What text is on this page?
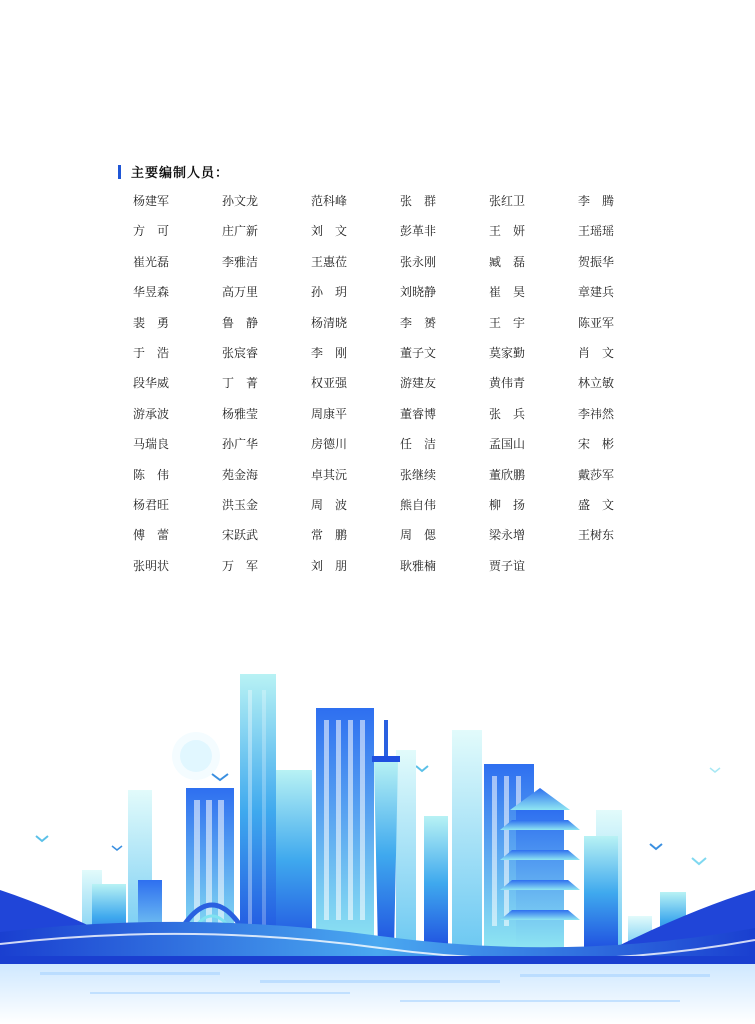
主要编制人员：
杨建军	孙文龙	范科峰	张　群	张红卫	李　腾
方　可	庄广新	刘　文	彭革非	王　妍	王瑶瑶
崔光磊	李雅洁	王惠莅	张永刚	臧　磊	贺振华
华昱森	高万里	孙　玥	刘晓静	崔　昊	章建兵
裴　勇	鲁　静	杨清晓	李　赟	王　宇	陈亚军
于　浩	张宸睿	李　刚	董子文	莫家勤	肖　文
段华威	丁　菁	权亚强	游建友	黄伟青	林立敏
游承波	杨雅莹	周康平	董睿博	张　兵	李祎然
马瑞良	孙广华	房德川	任　洁	孟国山	宋　彬
陈　伟	苑金海	卓其沅	张继续	董欣鹏	戴莎军
杨君旺	洪玉金	周　波	熊自伟	柳　扬	盛　文
傅　蕾	宋跃武	常　鹏	周　偲	梁永增	王树东
张明状	万　军	刘　朋	耿雅楠	贾子谊
